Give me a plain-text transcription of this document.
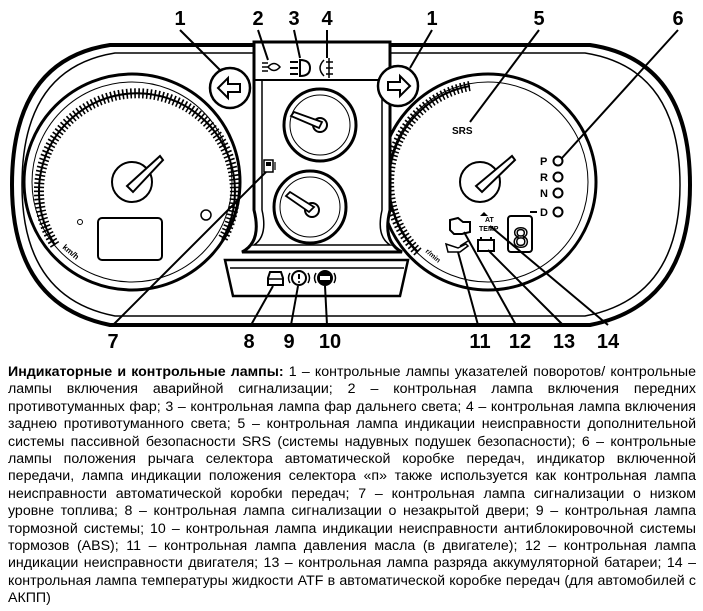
km/h	r/min
SRS
P
R
N
D
8
AT
TEMP
1	2 3 4	1	5	6
7	8 9 10	11 12 13 14
Индикаторные и контрольные лампы: 1 – контрольные лампы указателей поворотов/ контрольные лампы включения аварийной сигнализации; 2 – контрольная лампа включения передних противотуманных фар; 3 – контрольная лампа фар дальнего света; 4 – контрольная лампа включения заднею противотуманного света; 5 – контрольная лампа индикации неисправности дополнительной системы пассивной безопасности SRS (системы надувных подушек безопасности); 6 – контрольные лампы положения рычага селектора автоматической коробке передач, индикатор включенной передачи, лампа индикации положения селектора «п» также используется как контрольная лампа неисправности автоматической коробки передач; 7 – контрольная лампа сигнализации о низком уровне топлива; 8 – контрольная лампа сигнализации о незакрытой двери; 9 – контрольная лампа тормозной системы; 10 – контрольная лампа индикации неисправности антиблокировочной системы тормозов (ABS); 11 – контрольная лампа давления масла (в двигателе); 12 – контрольная лампа индикации неисправности двигателя; 13 – контрольная лампа разряда аккумуляторной батареи; 14 – контрольная лампа температуры жидкости ATF в автоматической коробке передач (для автомобилей с АКПП)
